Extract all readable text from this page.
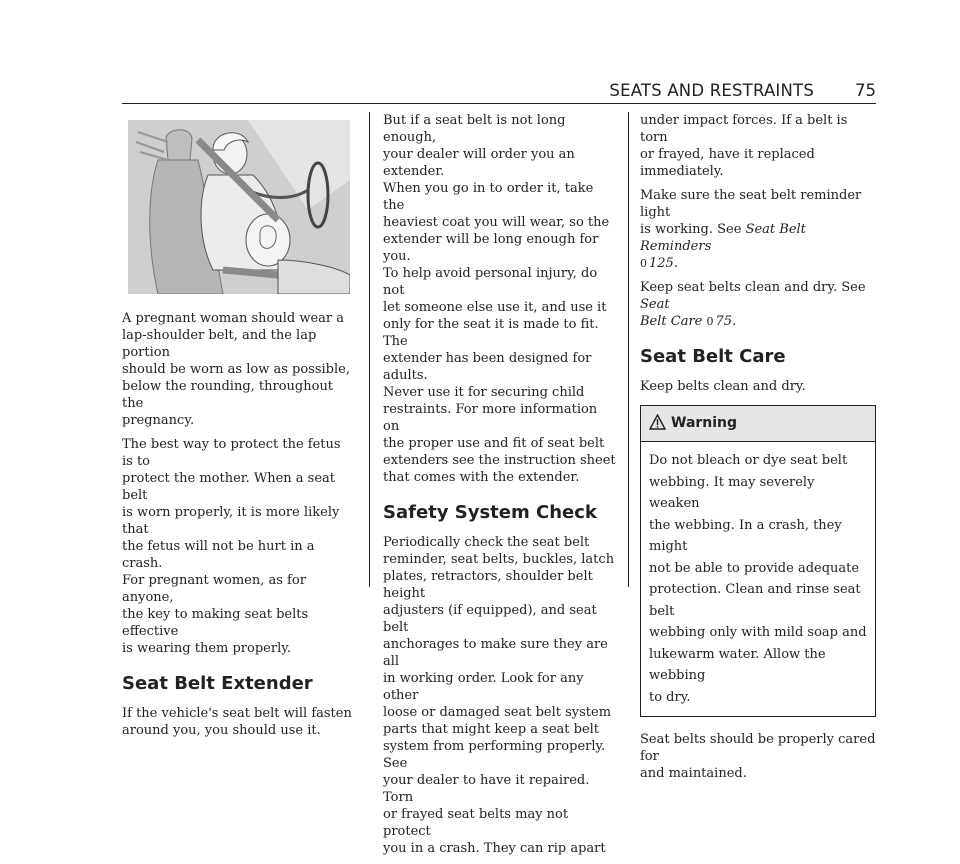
SEATS AND RESTRAINTS 75

A pregnant woman should wear a
lap-shoulder belt, and the lap portion
should be worn as low as possible,
below the rounding, throughout the
pregnancy.

The best way to protect the fetus is to
protect the mother. When a seat belt
is worn properly, it is more likely that
the fetus will not be hurt in a crash.
For pregnant women, as for anyone,
the key to making seat belts effective
is wearing them properly.

Seat Belt Extender

If the vehicle's seat belt will fasten
around you, you should use it.

But if a seat belt is not long enough,
your dealer will order you an extender.
When you go in to order it, take the
heaviest coat you will wear, so the
extender will be long enough for you.
To help avoid personal injury, do not
let someone else use it, and use it
only for the seat it is made to fit. The
extender has been designed for adults.
Never use it for securing child
restraints. For more information on
the proper use and fit of seat belt
extenders see the instruction sheet
that comes with the extender.

Safety System Check

Periodically check the seat belt
reminder, seat belts, buckles, latch
plates, retractors, shoulder belt height
adjusters (if equipped), and seat belt
anchorages to make sure they are all
in working order. Look for any other
loose or damaged seat belt system
parts that might keep a seat belt
system from performing properly. See
your dealer to have it repaired. Torn
or frayed seat belts may not protect
you in a crash. They can rip apart

under impact forces. If a belt is torn
or frayed, have it replaced
immediately.

Make sure the seat belt reminder light
is working. See Seat Belt Reminders
0 125.

Keep seat belts clean and dry. See Seat
Belt Care 0 75.

Seat Belt Care

Keep belts clean and dry.

Warning
Do not bleach or dye seat belt
webbing. It may severely weaken
the webbing. In a crash, they might
not be able to provide adequate
protection. Clean and rinse seat belt
webbing only with mild soap and
lukewarm water. Allow the webbing
to dry.

Seat belts should be properly cared for
and maintained.
